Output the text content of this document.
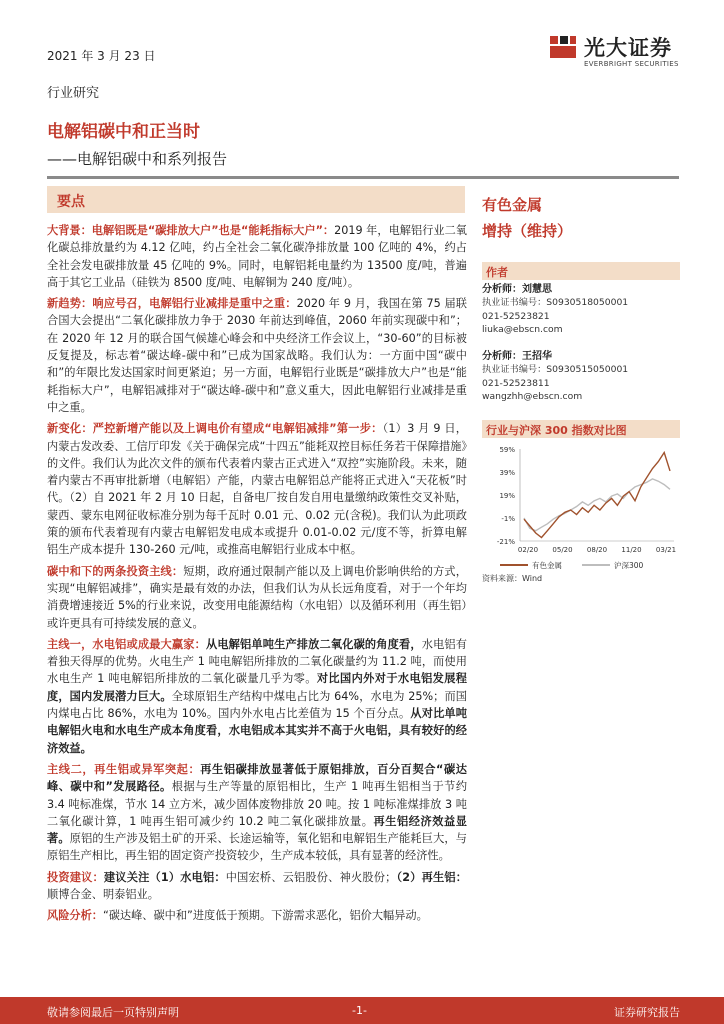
2021 年 3 月 23 日	光大证券
EVERBRIGHT SECURITIES
行业研究
电解铝碳中和正当时
——电解铝碳中和系列报告
要点

大背景：电解铝既是“碳排放大户”也是“能耗指标大户”：2019 年，电解铝行业二氧化碳总排放量约为 4.12 亿吨，约占全社会二氧化碳净排放量 100 亿吨的 4%，约占全社会发电碳排放量 45 亿吨的 9%。同时，电解铝耗电量约为 13500 度/吨，普遍高于其它工业品（硅铁为 8500 度/吨、电解铜为 240 度/吨）。

新趋势：响应号召，电解铝行业减排是重中之重：2020 年 9 月，我国在第 75 届联合国大会提出“二氧化碳排放力争于 2030 年前达到峰值，2060 年前实现碳中和”；在 2020 年 12 月的联合国气候雄心峰会和中央经济工作会议上，“30-60”的目标被反复提及，标志着“碳达峰-碳中和”已成为国家战略。我们认为：一方面中国“碳中和”的年限比发达国家时间更紧迫；另一方面，电解铝行业既是“碳排放大户”也是“能耗指标大户”，电解铝减排对于“碳达峰-碳中和”意义重大，因此电解铝行业减排是重中之重。

新变化：严控新增产能以及上调电价有望成“电解铝减排”第一步：（1）3 月 9 日，内蒙古发改委、工信厅印发《关于确保完成“十四五”能耗双控目标任务若干保障措施》的文件。我们认为此次文件的颁布代表着内蒙古正式进入“双控”实施阶段。未来，随着内蒙古不再审批新增（电解铝）产能，内蒙古电解铝总产能将正式进入“天花板”时代。（2）自 2021 年 2 月 10 日起，自备电厂按自发自用电量缴纳政策性交叉补贴，蒙西、蒙东电网征收标准分别为每千瓦时 0.01 元、0.02 元(含税)。我们认为此项政策的颁布代表着现有内蒙古电解铝发电成本或提升 0.01-0.02 元/度不等，折算电解铝生产成本提升 130-260 元/吨，或推高电解铝行业成本中枢。

碳中和下的两条投资主线：短期，政府通过限制产能以及上调电价影响供给的方式，实现“电解铝减排”，确实是最有效的办法，但我们认为从长远角度看，对于一个年均消费增速接近 5%的行业来说，改变用电能源结构（水电铝）以及循环利用（再生铝）或许更具有可持续发展的意义。

主线一，水电铝或成最大赢家：从电解铝单吨生产排放二氧化碳的角度看，水电铝有着独天得厚的优势。火电生产 1 吨电解铝所排放的二氧化碳量约为 11.2 吨，而使用水电生产 1 吨电解铝所排放的二氧化碳量几乎为零。对比国内外对于水电铝发展程度，国内发展潜力巨大。全球原铝生产结构中煤电占比为 64%，水电为 25%；而国内煤电占比 86%，水电为 10%。国内外水电占比差值为 15 个百分点。从对比单吨电解铝火电和水电生产成本角度看，水电铝成本其实并不高于火电铝，具有较好的经济效益。

主线二，再生铝或异军突起：再生铝碳排放显著低于原铝排放，百分百契合“碳达峰、碳中和”发展路径。根据与生产等量的原铝相比，生产 1 吨再生铝相当于节约 3.4 吨标准煤，节水 14 立方米，减少固体废物排放 20 吨。按 1 吨标准煤排放 3 吨二氧化碳计算，1 吨再生铝可减少约 10.2 吨二氧化碳排放量。再生铝经济效益显著。原铝的生产涉及铝土矿的开采、长途运输等，氧化铝和电解铝生产能耗巨大，与原铝生产相比，再生铝的固定资产投资较少，生产成本较低，具有显著的经济性。

投资建议：建议关注（1）水电铝：中国宏桥、云铝股份、神火股份；（2）再生铝：顺博合金、明泰铝业。

风险分析：“碳达峰、碳中和”进度低于预期。下游需求恶化，铝价大幅异动。

有色金属
增持（维持）
作者
分析师：刘慧思
执业证书编号：S0930518050001
021-52523821
liuka@ebscn.com
分析师：王招华
执业证书编号：S0930515050001
021-52523811
wangzhh@ebscn.com
行业与沪深 300 指数对比图
59%
39%
19%
-1%
-21%
02/20 05/20 08/20 11/20 03/21
有色金属	沪深300
资料来源：Wind
敬请参阅最后一页特别声明	-1-	证券研究报告
